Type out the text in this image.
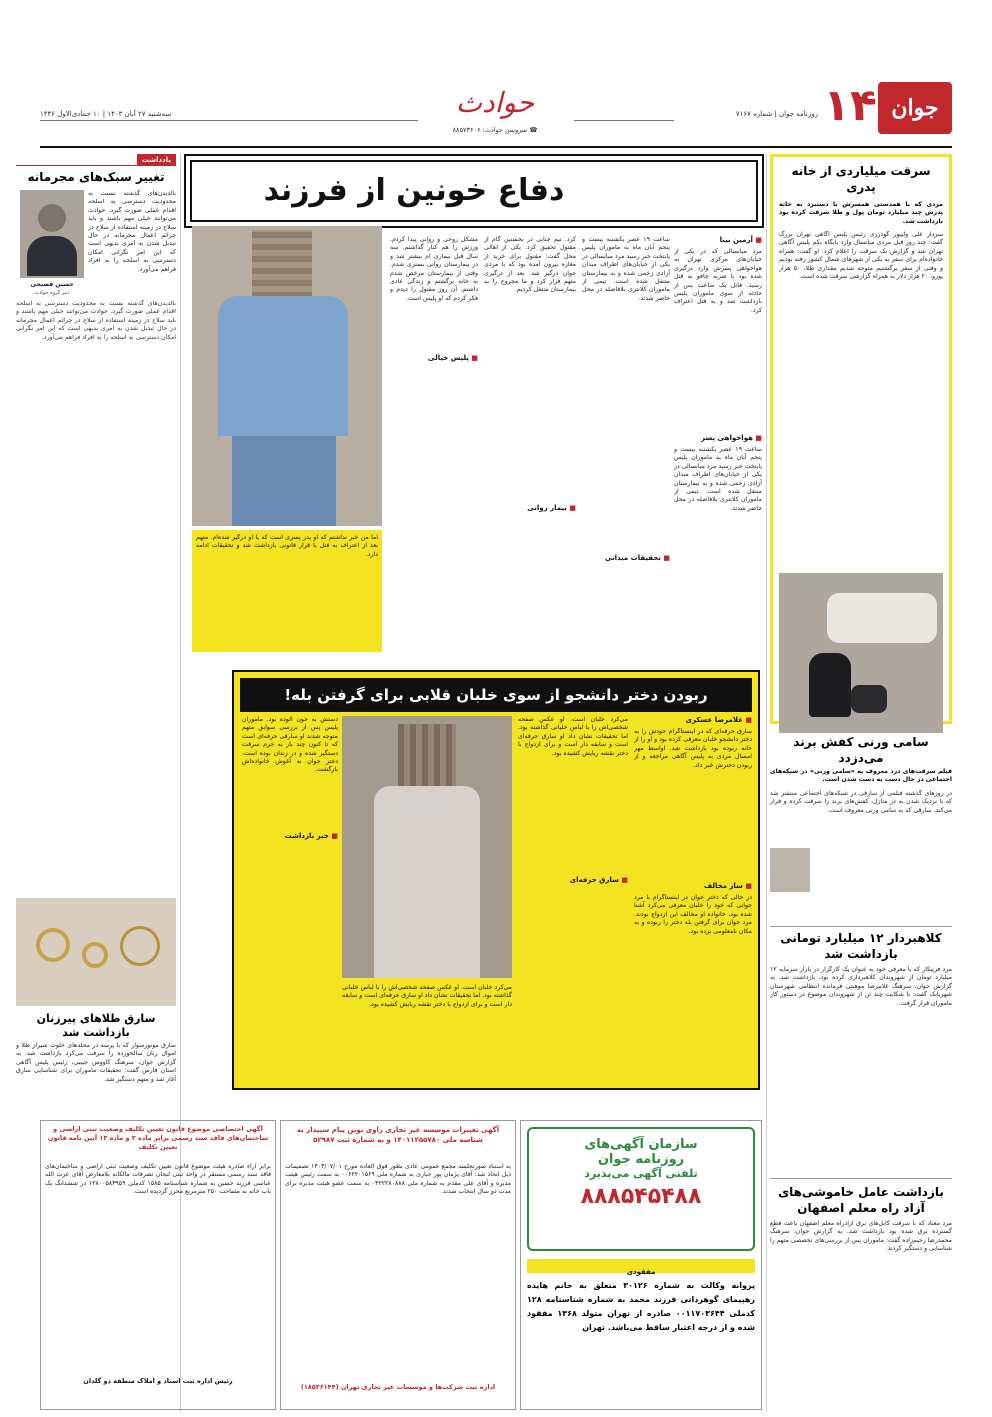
جوان
۱۴
روزنامه جوان | شماره ۷۱۶۷
سه‌شنبه ۲۷ آبان ۱۴۰۳ | ۱۰ جمادی‌الاول ۱۴۴۶	حوادث
☎ سرویس حوادث: ۸۸۵۷۳۶۰۶
یادداشت
تغییر سبک‌های مجرمانه
حسین فضیحی
دبیر گروه حوادث
بالدیدن‌های گذشته نسبت به محدودیت دسترسی به اسلحه اقدام عملی صورت گیرد. حوادث می‌توانند خیلی مهم باشند و باید سلاح در زمینه استفاده از سلاح در جرائم اعمال مجرمانه در حال تبدیل شدن به امری بدیهی است که این امر نگرانی امکان دسترسی به اسلحه را به افراد فراهم می‌آورد.
بالدیدن‌های گذشته نسبت به محدودیت دسترسی به اسلحه اقدام عملی صورت گیرد. حوادث می‌توانند خیلی مهم باشند و باید سلاح در زمینه استفاده از سلاح در جرائم اعمال مجرمانه در حال تبدیل شدن به امری بدیهی است که این امر نگرانی امکان دسترسی به اسلحه را به افراد فراهم می‌آورد.
سارق طلاهای پیرزنان بازداشت شد
سارق موتورسوار که با پرسه در محله‌های خلوت شیراز طلا و اموال زنان سالخورده را سرقت می‌کرد بازداشت شد. به گزارش جوان، سرهنگ کاووس حبیبی، رئیس پلیس آگاهی استان فارس گفت: تحقیقات ماموران برای شناسایی سارق آغاز شد و متهم دستگیر شد.
دفاع خونین از فرزند
اما من خبر نداشتم که او پدر پسری است که با او درگیر شده‌ام. متهم بعد از اعتراف به قتل با قرار قانونی بازداشت شد و تحقیقات ادامه دارد.
مشکل روحی و روانی پیدا کردم. ورزش را هم کنار گذاشتم. سه سال قبل بیماری ام بیشتر شد و در بیمارستان روانی بستری شدم. وقتی از بیمارستان مرخص شدم به خانه برگشتم و زندگی عادی داشتم. آن روز مقتول را دیدم و فکر کردم که او پلیس است.
■ پلیس خیالی
کرد. تیم جنایی در نخستین گام از مقتول تحقیق کرد. یکی از اهالی محل گفت: مقتول برای خرید از مغازه بیرون آمده بود که با مردی جوان درگیر شد. بعد از درگیری متهم فرار کرد و ما مجروح را به بیمارستان منتقل کردیم.
■ بیمار روانی
ساعت ۱۹ عصر یکشنبه بیست و پنجم آبان ماه به ماموران پلیس پایتخت خبر رسید مرد میانسالی در یکی از خیابان‌های اطراف میدان آزادی زخمی شده و به بیمارستان منتقل شده است. تیمی از ماموران کلانتری بلافاصله در محل حاضر شدند.
■ تحقیقات میدانی
■ آرمین بینا
مرد میانسالی که در یکی از خیابان‌های مرکزی تهران به هواخواهی پسرش وارد درگیری شده بود با ضربه چاقو به قتل رسید. قاتل یک ساعت پس از حادثه از سوی ماموران پلیس بازداشت شد و به قتل اعتراف کرد.
■ هواخواهی پسر
ساعت ۱۹ عصر یکشنبه بیست و پنجم آبان ماه به ماموران پلیس پایتخت خبر رسید مرد میانسالی در یکی از خیابان‌های اطراف میدان آزادی زخمی شده و به بیمارستان منتقل شده است. تیمی از ماموران کلانتری بلافاصله در محل حاضر شدند.
ربودن دختر دانشجو از سوی خلبان قلابی برای گرفتن بله!
دستش به خون آلوده بود. مأموران پلیس پس از بررسی سوابق متهم متوجه شدند او سارقی حرفه‌ای است که تا کنون چند بار به جرم سرقت دستگیر شده و در زندان بوده است. دختر جوان به آغوش خانواده‌اش بازگشت.
■ خبر بازداشت
می‌کرد خلبان است. او عکس صفحه شخصی‌اش را با لباس خلبانی گذاشته بود. اما تحقیقات نشان داد او سارق حرفه‌ای است و سابقه دار است و برای ازدواج با دختر نقشه ربایش کشیده بود.
می‌کرد خلبان است. او عکس صفحه شخصی‌اش را با لباس خلبانی گذاشته بود. اما تحقیقات نشان داد او سارق حرفه‌ای است و سابقه دار است و برای ازدواج با دختر نقشه ربایش کشیده بود.
■ سارق حرفه‌ای
■ غلامرضا عسکری
سارق حرفه‌ای که در اینستاگرام خودش را به دختر دانشجو خلبان معرفی کرده بود و او را از خانه ربوده بود بازداشت شد. اواسط مهر امسال مردی به پلیس آگاهی مراجعه و از ربودن دخترش خبر داد.
■ ساز مخالف
در حالی که دختر جوان در اینستاگرام با مرد جوانی که خود را خلبان معرفی می‌کرد آشنا شده بود، خانواده او مخالف این ازدواج بودند. مرد جوان برای گرفتن بله دختر را ربوده و به مکان نامعلومی برده بود.
سرقت میلیاردی از خانه پدری
مردی که با همدستی همسرش با دستبرد به خانه پدرش چند میلیارد تومان پول و طلا سرقت کرده بود بازداشت شد.
سردار علی ولیپور گودرزی رئیس پلیس آگاهی تهران بزرگ گفت: چند روز قبل مردی میانسال وارد پایگاه یکم پلیس آگاهی تهران شد و گزارش یک سرقت را اعلام کرد. او گفت: همراه خانواده‌ام برای سفر به یکی از شهرهای شمال کشور رفته بودیم و وقتی از سفر برگشتیم متوجه شدیم مقداری طلا، ۵۰ هزار یورو، ۲۰ هزار دلار به همراه گزارشی سرقت شده است.
سامی ورنی کفش برند می‌دزدد
فیلم سرقت‌های دزد معروف به «سامی ورنی» در شبکه‌های اجتماعی در حال دست به دست شدن است.
در روزهای گذشته فیلمی از سارقی در شبکه‌های اجتماعی منتشر شد که با نزدیک شدن به در منازل، کفش‌های برند را سرقت کرده و فرار می‌کند. سارقی که به سامی ورنی معروف است.
کلاهبردار ۱۲ میلیارد تومانی بازداشت شد
مرد فریبکار که با معرفی خود به عنوان یک کارگزار در بازار سرمایه ۱۲ میلیارد تومان از شهروندان کلاهبرداری کرده بود، بازداشت شد. به گزارش جوان، سرهنگ غلامرضا موهبتی فرمانده انتظامی شهرستان شهربابک گفت: با شکایت چند تن از شهروندان موضوع در دستور کار ماموران قرار گرفت.
بازداشت عامل خاموشی‌های آزاد راه معلم اصفهان
مرد معتاد که با سرقت کابل‌های برق آزادراه معلم اصفهان باعث قطع گسترده برق شده بود بازداشت شد. به گزارش جوان، سرهنگ محمدرضا رحیم‌زاده گفت: ماموران پس از بررسی‌های تخصصی متهم را شناسایی و دستگیر کردند.
سازمان آگهی‌های
روزنامه جوان
تلفنی آگهی می‌پذیرد
۸۸۸۵۴۵۴۸۸
مفقودی
پروانه وکالت به شماره ۳۰۱۲۶ متعلق به خانم هایده رهپیمای گوهرذاتی فرزند محمد به شماره شناسنامه ۱۲۸ کدملی ۰۰۱۱۷۰۳۶۴۴ صادره از تهران متولد ۱۳۶۸ مفقود شده و از درجه اعتبار ساقط می‌باشد. تهران
آگهی تغییرات موسسه غیر تجاری راوی نوین پیام سپیدار به شناسه ملی ۱۴۰۱۱۲۵۵۷۸۰ و به شماره ثبت ۵۲۹۸۷
به استناد صورتجلسه مجمع عمومی عادی بطور فوق العاده مورخ ۱۴۰۳/۰۷/۰۱ تصمیمات ذیل اتخاذ شد: آقای پژمان پور جباری به شماره ملی ۰۰۶۲۲۰۱۵۶۹ به سمت رئیس هیئت مدیره و آقای علی مقدم به شماره ملی ۰۳۲۲۲۸۰۸۸۸ به سمت عضو هیئت مدیره برای مدت دو سال انتخاب شدند.
اداره ثبت شرکت‌ها و موسسات غیر تجاری تهران (۱۸۵۲۶۱۴۴)
آگهی اختصاصی موضوع قانون تعیین تکلیف وضعیت ثبتی اراضی و ساختمان‌های فاقد سند رسمی برابر ماده ۳ و ماده ۱۳ آیین نامه قانون تعیین تکلیف
برابر آراء صادره هیئت موضوع قانون تعیین تکلیف وضعیت ثبتی اراضی و ساختمان‌های فاقد سند رسمی مستقر در واحد ثبتی لنجان تصرفات مالکانه بلامعارض آقای عزت الله عباسی فرزند حسین به شماره شناسنامه ۱۵۸۵ کدملی ۱۲۸۰۰۵۸۳۹۵۹ در ششدانگ یک باب خانه به مساحت ۲۵۰ مترمربع محرز گردیده است.
رئیس اداره ثبت اسناد و املاک منطقه دو گلدان
